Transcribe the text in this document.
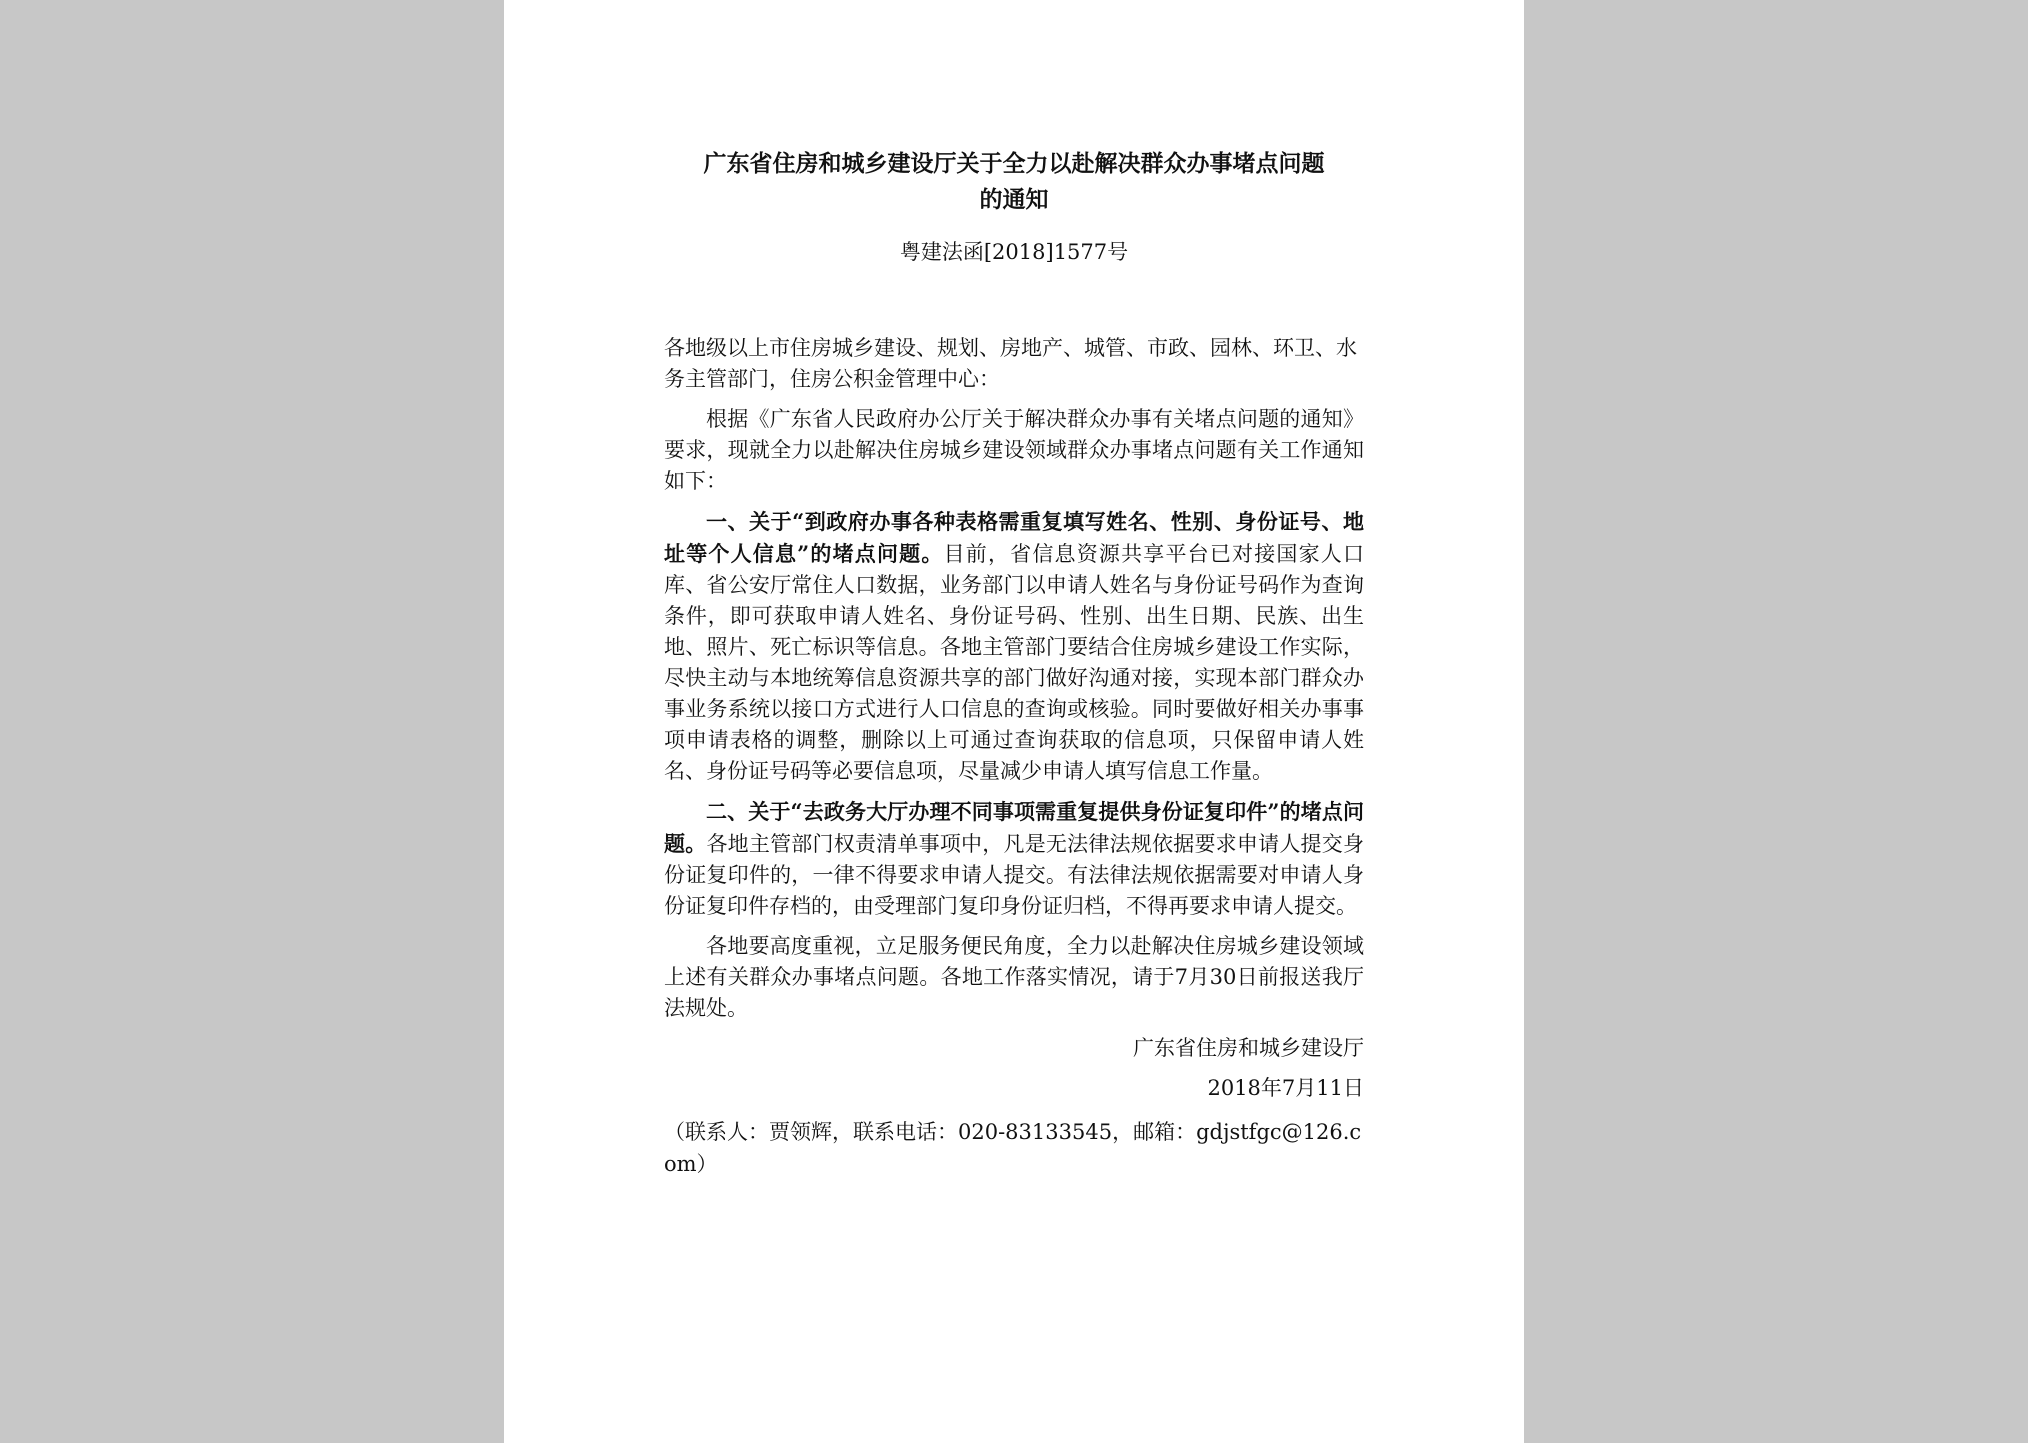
广东省住房和城乡建设厅关于全力以赴解决群众办事堵点问题
的通知
粤建法函[2018]1577号
各地级以上市住房城乡建设、规划、房地产、城管、市政、园林、环卫、水务主管部门，住房公积金管理中心：
根据《广东省人民政府办公厅关于解决群众办事有关堵点问题的通知》要求，现就全力以赴解决住房城乡建设领域群众办事堵点问题有关工作通知如下：
一、关于“到政府办事各种表格需重复填写姓名、性别、身份证号、地址等个人信息”的堵点问题。目前，省信息资源共享平台已对接国家人口库、省公安厅常住人口数据，业务部门以申请人姓名与身份证号码作为查询条件，即可获取申请人姓名、身份证号码、性别、出生日期、民族、出生地、照片、死亡标识等信息。各地主管部门要结合住房城乡建设工作实际，尽快主动与本地统筹信息资源共享的部门做好沟通对接，实现本部门群众办事业务系统以接口方式进行人口信息的查询或核验。同时要做好相关办事事项申请表格的调整，删除以上可通过查询获取的信息项，只保留申请人姓名、身份证号码等必要信息项，尽量减少申请人填写信息工作量。
二、关于“去政务大厅办理不同事项需重复提供身份证复印件”的堵点问题。各地主管部门权责清单事项中，凡是无法律法规依据要求申请人提交身份证复印件的，一律不得要求申请人提交。有法律法规依据需要对申请人身份证复印件存档的，由受理部门复印身份证归档，不得再要求申请人提交。
各地要高度重视，立足服务便民角度，全力以赴解决住房城乡建设领域上述有关群众办事堵点问题。各地工作落实情况，请于7月30日前报送我厅法规处。
广东省住房和城乡建设厅
2018年7月11日
（联系人：贾领辉，联系电话：020-83133545，邮箱：gdjstfgc@126.com）
